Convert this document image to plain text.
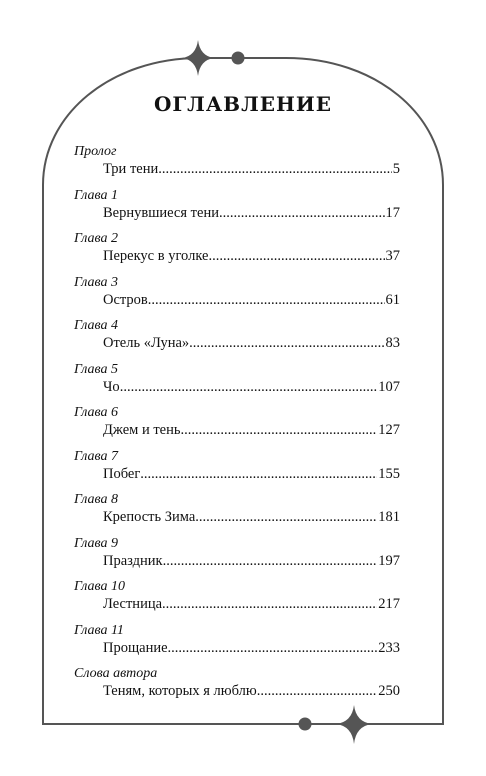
ОГЛАВЛЕНИЕ
Пролог
Три тени .....	5
Глава 1
Вернувшиеся тени .....	17
Глава 2
Перекус в уголке .....	37
Глава 3
Остров .....	61
Глава 4
Отель «Луна» .....	83
Глава 5
Чо .....	107
Глава 6
Джем и тень .....	127
Глава 7
Побег .....	155
Глава 8
Крепость Зима .....	181
Глава 9
Праздник .....	197
Глава 10
Лестница .....	217
Глава 11
Прощание .....	233
Слова автора
Теням, которых я люблю .....	250
